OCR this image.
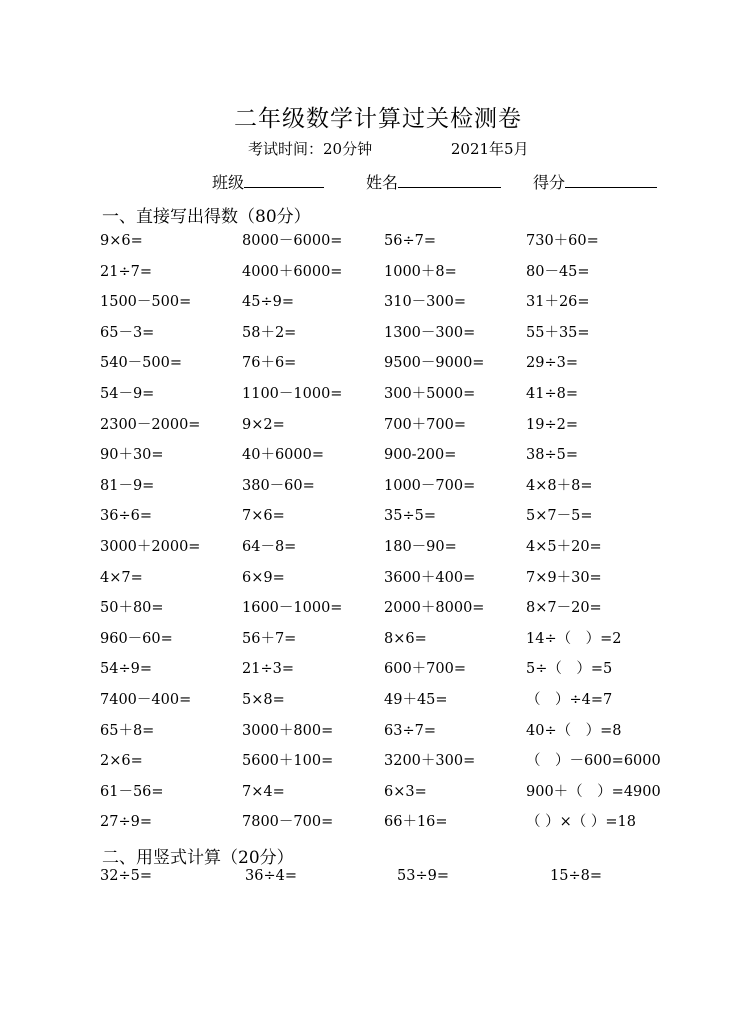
二年级数学计算过关检测卷
考试时间：20分钟	2021年5月
班级	姓名	得分
一、直接写出得数（80分）
9×6=	8000－6000=	56÷7=	730＋60=
21÷7=	4000＋6000=	1000＋8=	80－45=
1500－500=	45÷9=	310－300=	31＋26=
65－3=	58＋2=	1300－300=	55＋35=
540－500=	76＋6=	9500－9000=	29÷3=
54－9=	1100－1000=	300＋5000=	41÷8=
2300－2000=	9×2=	700＋700=	19÷2=
90＋30=	40＋6000=	900-200=	38÷5=
81－9=	380－60=	1000－700=	4×8＋8=
36÷6=	7×6=	35÷5=	5×7－5=
3000＋2000=	64－8=	180－90=	4×5＋20=
4×7=	6×9=	3600＋400=	7×9＋30=
50＋80=	1600－1000=	2000＋8000=	8×7－20=
960－60=	56＋7=	8×6=	14÷（　）=2
54÷9=	21÷3=	600＋700=	5÷（　）=5
7400－400=	5×8=	49＋45=	（　）÷4=7
65＋8=	3000＋800=	63÷7=	40÷（　）=8
2×6=	5600＋100=	3200＋300=	（　）－600=6000
61－56=	7×4=	6×3=	900＋（　）=4900
27÷9=	7800－700=	66＋16=	（ ）×（ ）=18
二、用竖式计算（20分）
32÷5=	36÷4=	53÷9=	15÷8=
